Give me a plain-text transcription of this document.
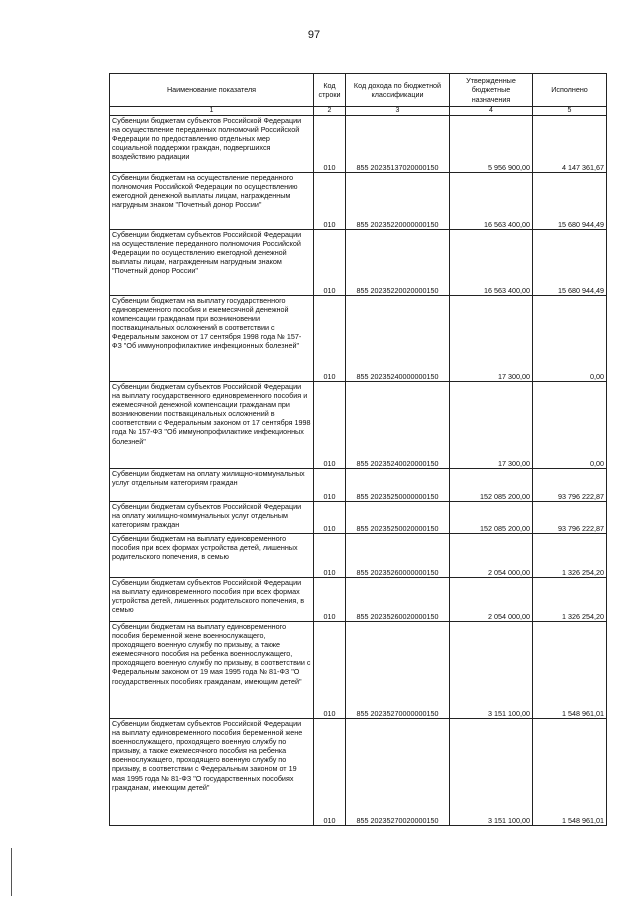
97
Наименование показателя	Код строки	Код дохода по бюджетной классификации	Утвержденные бюджетные назначения	Исполнено
1	2	3	4	5
Субвенции бюджетам субъектов Российской Федерации на осуществление переданных полномочий Российской Федерации по предоставлению отдельных мер социальной поддержки граждан, подвергшихся воздействию радиации	010	855 20235137020000150	5 956 900,00	4 147 361,67
Субвенции бюджетам на осуществление переданного полномочия Российской Федерации по осуществлению ежегодной денежной выплаты лицам, награжденным нагрудным знаком "Почетный донор России"	010	855 20235220000000150	16 563 400,00	15 680 944,49
Субвенции бюджетам субъектов Российской Федерации на осуществление переданного полномочия Российской Федерации по осуществлению ежегодной денежной выплаты лицам, награжденным нагрудным знаком "Почетный донор России"	010	855 20235220020000150	16 563 400,00	15 680 944,49
Субвенции бюджетам на выплату государственного единовременного пособия и ежемесячной денежной компенсации гражданам при возникновении поствакцинальных осложнений в соответствии с Федеральным законом от 17 сентября 1998 года № 157-ФЗ "Об иммунопрофилактике инфекционных болезней"	010	855 20235240000000150	17 300,00	0,00
Субвенции бюджетам субъектов Российской Федерации на выплату государственного единовременного пособия и ежемесячной денежной компенсации гражданам при возникновении поствакцинальных осложнений в соответствии с Федеральным законом от 17 сентября 1998 года № 157-ФЗ "Об иммунопрофилактике инфекционных болезней"	010	855 20235240020000150	17 300,00	0,00
Субвенции бюджетам на оплату жилищно-коммунальных услуг отдельным категориям граждан	010	855 20235250000000150	152 085 200,00	93 796 222,87
Субвенции бюджетам субъектов Российской Федерации на оплату жилищно-коммунальных услуг отдельным категориям граждан	010	855 20235250020000150	152 085 200,00	93 796 222,87
Субвенции бюджетам на выплату единовременного пособия при всех формах устройства детей, лишенных родительского попечения, в семью	010	855 20235260000000150	2 054 000,00	1 326 254,20
Субвенции бюджетам субъектов Российской Федерации на выплату единовременного пособия при всех формах устройства детей, лишенных родительского попечения, в семью	010	855 20235260020000150	2 054 000,00	1 326 254,20
Субвенции бюджетам на выплату единовременного пособия беременной жене военнослужащего, проходящего военную службу по призыву, а также ежемесячного пособия на ребенка военнослужащего, проходящего военную службу по призыву, в соответствии с Федеральным законом от 19 мая 1995 года № 81-ФЗ "О государственных пособиях гражданам, имеющим детей"	010	855 20235270000000150	3 151 100,00	1 548 961,01
Субвенции бюджетам субъектов Российской Федерации на выплату единовременного пособия беременной жене военнослужащего, проходящего военную службу по призыву, а также ежемесячного пособия на ребенка военнослужащего, проходящего военную службу по призыву, в соответствии с Федеральным законом от 19 мая 1995 года № 81-ФЗ "О государственных пособиях гражданам, имеющим детей"	010	855 20235270020000150	3 151 100,00	1 548 961,01
